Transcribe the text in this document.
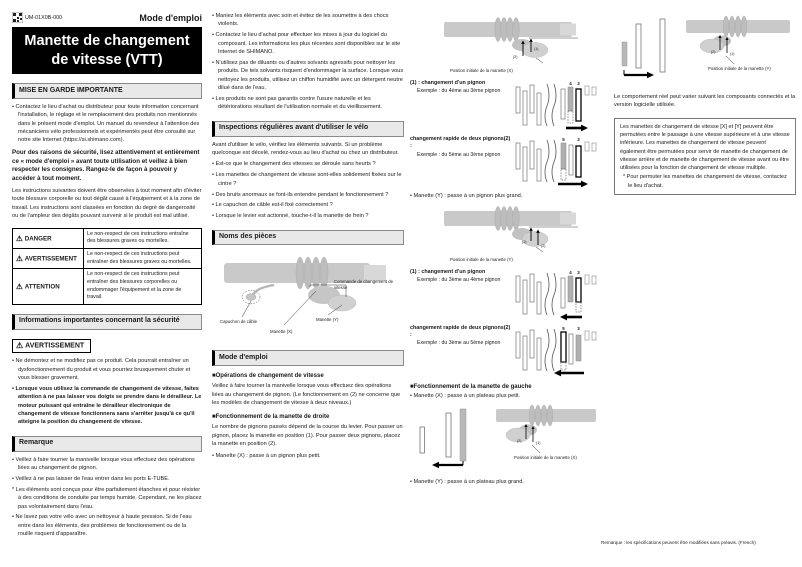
UM-01X0B-000	Mode d'emploi
Manette de changement de vitesse (VTT)
MISE EN GARDE IMPORTANTE
• Contactez le lieu d'achat ou distributeur pour toute information concernant l'installation, le réglage et le remplacement des produits non mentionnés dans le présent mode d'emploi. Un manuel du revendeur à l'attention des mécaniciens vélo professionnels et expérimentés peut être consulté sur notre site Internet (https://si.shimano.com).
Pour des raisons de sécurité, lisez attentivement et entièrement ce « mode d'emploi » avant toute utilisation et veillez à bien respecter les consignes. Rangez-le de façon à pouvoir y accéder à tout moment.
Les instructions suivantes doivent être observées à tout moment afin d'éviter toute blessure corporelle ou tout dégât causé à l'équipement et à la zone de travail. Les instructions sont classées en fonction du degré de dangerosité ou de l'ampleur des dégâts pouvant survenir si le produit est mal utilisé.
⚠ DANGER	Le non-respect de ces instructions entraîne des blessures graves ou mortelles.
⚠ AVERTISSEMENT	Le non-respect de ces instructions peut entraîner des blessures graves ou mortelles.
⚠ ATTENTION	Le non-respect de ces instructions peut entraîner des blessures corporelles ou endommager l'équipement et la zone de travail.
Informations importantes concernant la sécurité
⚠ AVERTISSEMENT
• Ne démontez et ne modifiez pas ce produit. Cela pourrait entraîner un dysfonctionnement du produit et vous pourriez brusquement chuter et vous blesser gravement.
• Lorsque vous utilisez la commande de changement de vitesse, faites attention à ne pas laisser vos doigts se prendre dans le dérailleur. Le moteur puissant qui entraîne le dérailleur électronique de changement de vitesse fonctionnera sans s'arrêter jusqu'à ce qu'il atteigne la position du changement de vitesse.
Remarque
• Veillez à faire tourner la manivelle lorsque vous effectuez des opérations liées au changement de pignon.
• Veillez à ne pas laisser de l'eau entrer dans les ports E-TUBE.
* Les éléments sont conçus pour être parfaitement étanches et pour résister à des conditions de conduite par temps humide. Cependant, ne les placez pas volontairement dans l'eau.
• Ne lavez pas votre vélo avec un nettoyeur à haute pression. Si de l'eau entre dans les éléments, des problèmes de fonctionnement ou de la rouille risquent d'apparaître.
• Maniez les éléments avec soin et évitez de les soumettre à des chocs violents.
• Contactez le lieu d'achat pour effectuer les mises à jour du logiciel du composant. Les informations les plus récentes sont disponibles sur le site Internet de SHIMANO.
• N'utilisez pas de diluants ou d'autres solvants agressifs pour nettoyer les produits. De tels solvants risquent d'endommager la surface. Lorsque vous nettoyez les produits, utilisez un chiffon humidifié avec un détergent neutre dilué dans de l'eau.
• Les produits ne sont pas garantis contre l'usure naturelle et les détériorations résultant de l'utilisation normale et du vieillissement.
Inspections régulières avant d'utiliser le vélo
Avant d'utiliser le vélo, vérifiez les éléments suivants. Si un problème quelconque est décelé, rendez-vous au lieu d'achat ou chez un distributeur.
• Est-ce que le changement des vitesses se déroule sans heurts ?
• Les manettes de changement de vitesse sont-elles solidement fixées sur le cintre ?
• Des bruits anormaux se font-ils entendre pendant le fonctionnement ?
• Le capuchon de câble est-il fixé correctement ?
• Lorsque le levier est actionné, touche-t-il la manette de frein ?
Noms des pièces
Commande de changement de vitesse
Capuchon de câble
Manette (X)
Manette (Y)
Mode d'emploi
■Opérations de changement de vitesse
Veillez à faire tourner la manivelle lorsque vous effectuez des opérations liées au changement de pignon. (Le fonctionnement en (2) ne concerne que les modèles de changement de vitesse à deux niveaux.)
■Fonctionnement de la manette de droite
Le nombre de pignons passés dépend de la course du levier. Pour passer un pignon, placez la manette en position (1). Pour passer deux pignons, placez la manette en position (2).
• Manette (X) : passe à un pignon plus petit.
(1)
(2)
Position initiale de la manette (X)
(1) : changement d'un pignon
Exemple : du 4ème au 3ème pignon
4 3
changement rapide de deux pignons(2) :
Exemple : du 5ème au 3ème pignon
5	3
• Manette (Y) : passe à un pignon plus grand.
(1)
(2)
Position initiale de la manette (Y)
(1) : changement d'un pignon
Exemple : du 3ème au 4ème pignon
4 3
changement rapide de deux pignons(2) :
Exemple : du 3ème au 5ème pignon
5	3
■Fonctionnement de la manette de gauche
• Manette (X) : passe à un plateau plus petit.
(2)	(1)
Position initiale de la manette (X)
• Manette (Y) : passe à un plateau plus grand.
(2)	(1)
Position initiale de la manette (Y)
Le comportement réel peut varier suivant les composants connectés et la version logicielle utilisée.
Les manettes de changement de vitesse [X] et [Y] peuvent être permutées entre le passage à une vitesse supérieure et à une vitesse inférieure. Les manettes de changement de vitesse peuvent également être permutées pour servir de manette de changement de vitesse arrière et de manette de changement de vitesse avant ou être utilisées pour la fonction de changement de vitesse multiple.
* Pour permuter les manettes de changement de vitesse, contactez le lieu d'achat.
Remarque : les spécifications peuvent être modifiées sans préavis. (French)
